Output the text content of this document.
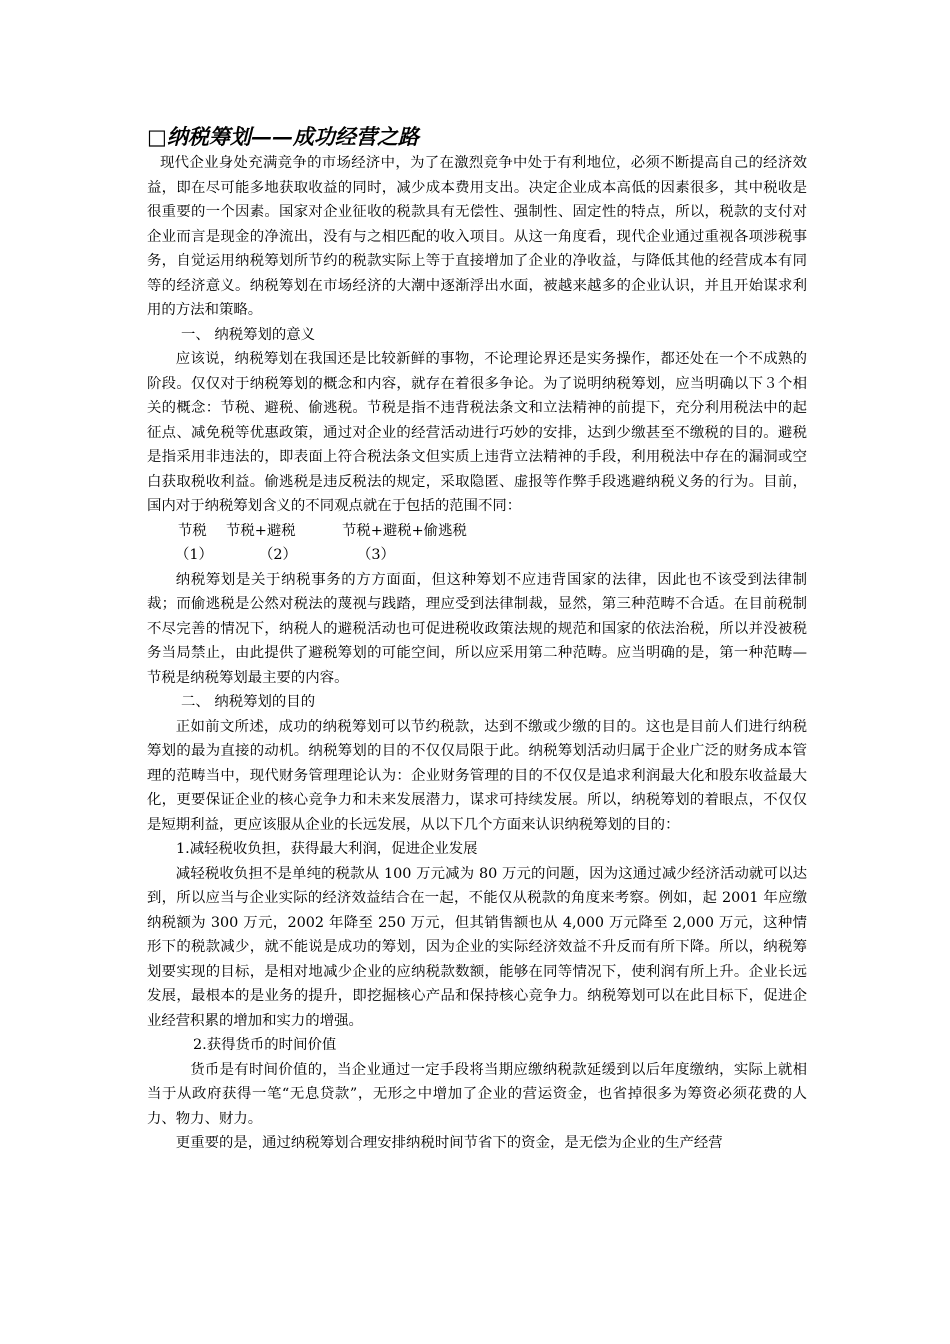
□纳税筹划——成功经营之路

现代企业身处充满竞争的市场经济中，为了在激烈竞争中处于有利地位，必须不断提高自己的经济效益，即在尽可能多地获取收益的同时，减少成本费用支出。决定企业成本高低的因素很多，其中税收是很重要的一个因素。国家对企业征收的税款具有无偿性、强制性、固定性的特点，所以，税款的支付对企业而言是现金的净流出，没有与之相匹配的收入项目。从这一角度看，现代企业通过重视各项涉税事务，自觉运用纳税筹划所节约的税款实际上等于直接增加了企业的净收益，与降低其他的经营成本有同等的经济意义。纳税筹划在市场经济的大潮中逐渐浮出水面，被越来越多的企业认识，并且开始谋求利用的方法和策略。

一、 纳税筹划的意义

应该说，纳税筹划在我国还是比较新鲜的事物，不论理论界还是实务操作，都还处在一个不成熟的阶段。仅仅对于纳税筹划的概念和内容，就存在着很多争论。为了说明纳税筹划，应当明确以下３个相关的概念：节税、避税、偷逃税。节税是指不违背税法条文和立法精神的前提下，充分利用税法中的起征点、减免税等优惠政策，通过对企业的经营活动进行巧妙的安排，达到少缴甚至不缴税的目的。避税是指采用非违法的，即表面上符合税法条文但实质上违背立法精神的手段，利用税法中存在的漏洞或空白获取税收利益。偷逃税是违反税法的规定，采取隐匿、虚报等作弊手段逃避纳税义务的行为。目前，国内对于纳税筹划含义的不同观点就在于包括的范围不同：

节税	节税+避税	节税+避税+偷逃税
（1）	（2）	（3）

纳税筹划是关于纳税事务的方方面面，但这种筹划不应违背国家的法律，因此也不该受到法律制裁；而偷逃税是公然对税法的蔑视与践踏，理应受到法律制裁，显然，第三种范畴不合适。在目前税制不尽完善的情况下，纳税人的避税活动也可促进税收政策法规的规范和国家的依法治税，所以并没被税务当局禁止，由此提供了避税筹划的可能空间，所以应采用第二种范畴。应当明确的是，第一种范畴—节税是纳税筹划最主要的内容。

二、 纳税筹划的目的

正如前文所述，成功的纳税筹划可以节约税款，达到不缴或少缴的目的。这也是目前人们进行纳税筹划的最为直接的动机。纳税筹划的目的不仅仅局限于此。纳税筹划活动归属于企业广泛的财务成本管理的范畴当中，现代财务管理理论认为：企业财务管理的目的不仅仅是追求利润最大化和股东收益最大化，更要保证企业的核心竞争力和未来发展潜力，谋求可持续发展。所以，纳税筹划的着眼点，不仅仅是短期利益，更应该服从企业的长远发展，从以下几个方面来认识纳税筹划的目的：

1.减轻税收负担，获得最大利润，促进企业发展

减轻税收负担不是单纯的税款从 100 万元减为 80 万元的问题，因为这通过减少经济活动就可以达到，所以应当与企业实际的经济效益结合在一起，不能仅从税款的角度来考察。例如，起 2001 年应缴纳税额为 300 万元，2002 年降至 250 万元，但其销售额也从 4,000 万元降至 2,000 万元，这种情形下的税款减少，就不能说是成功的筹划，因为企业的实际经济效益不升反而有所下降。所以，纳税筹划要实现的目标，是相对地减少企业的应纳税款数额，能够在同等情况下，使利润有所上升。企业长远发展，最根本的是业务的提升，即挖掘核心产品和保持核心竞争力。纳税筹划可以在此目标下，促进企业经营积累的增加和实力的增强。

2.获得货币的时间价值

货币是有时间价值的，当企业通过一定手段将当期应缴纳税款延缓到以后年度缴纳，实际上就相当于从政府获得一笔“无息贷款”，无形之中增加了企业的营运资金，也省掉很多为筹资必须花费的人力、物力、财力。

更重要的是，通过纳税筹划合理安排纳税时间节省下的资金，是无偿为企业的生产经营
